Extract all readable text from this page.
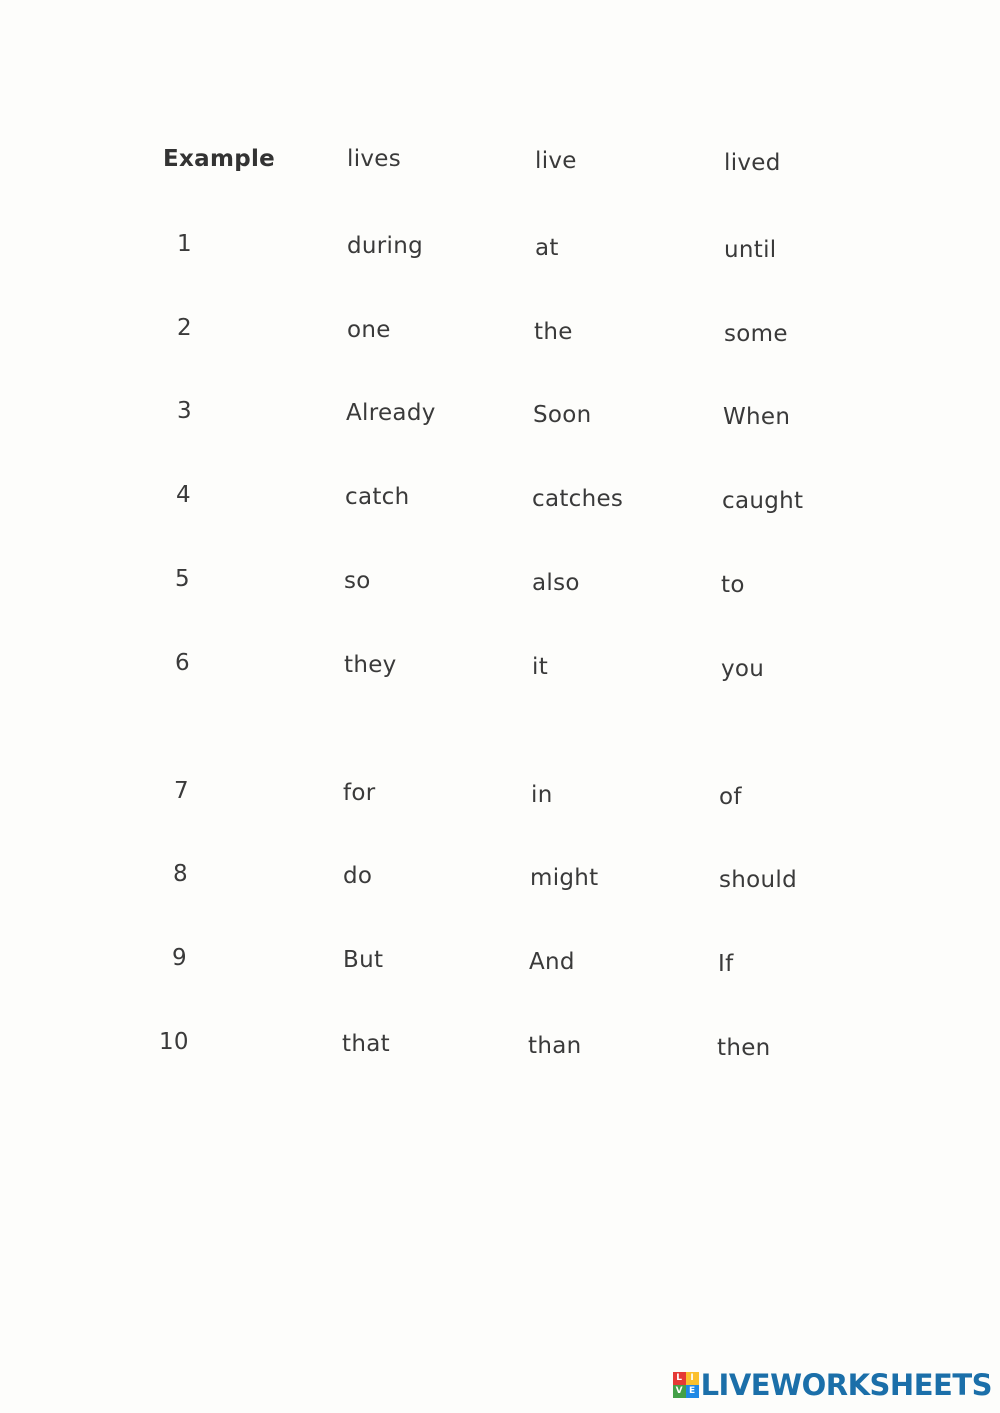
Example	lives	live	lived
1	during	at	until
2	one	the	some
3	Already	Soon	When
4	catch	catches	caught
5	so	also	to
6	they	it	you
7	for	in	of
8	do	might	should
9	But	And	If
10	that	than	then
L I
V E LIVEWORKSHEETS
